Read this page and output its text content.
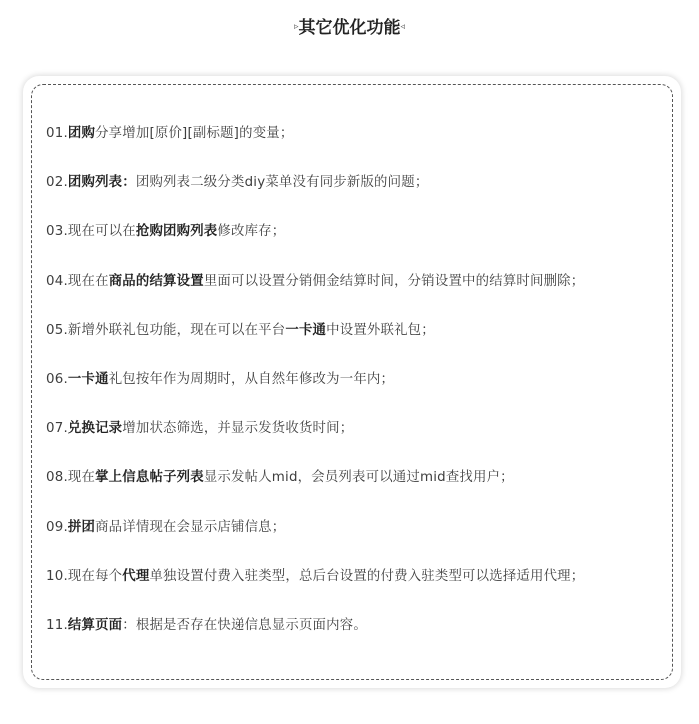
▹其它优化功能◃
01.团购分享增加[原价][副标题]的变量；
02.团购列表：团购列表二级分类diy菜单没有同步新版的问题；
03.现在可以在抢购团购列表修改库存；
04.现在在商品的结算设置里面可以设置分销佣金结算时间，分销设置中的结算时间删除；
05.新增外联礼包功能，现在可以在平台一卡通中设置外联礼包；
06.一卡通礼包按年作为周期时，从自然年修改为一年内；
07.兑换记录增加状态筛选，并显示发货收货时间；
08.现在掌上信息帖子列表显示发帖人mid，会员列表可以通过mid查找用户；
09.拼团商品详情现在会显示店铺信息；
10.现在每个代理单独设置付费入驻类型，总后台设置的付费入驻类型可以选择适用代理；
11.结算页面：根据是否存在快递信息显示页面内容。
